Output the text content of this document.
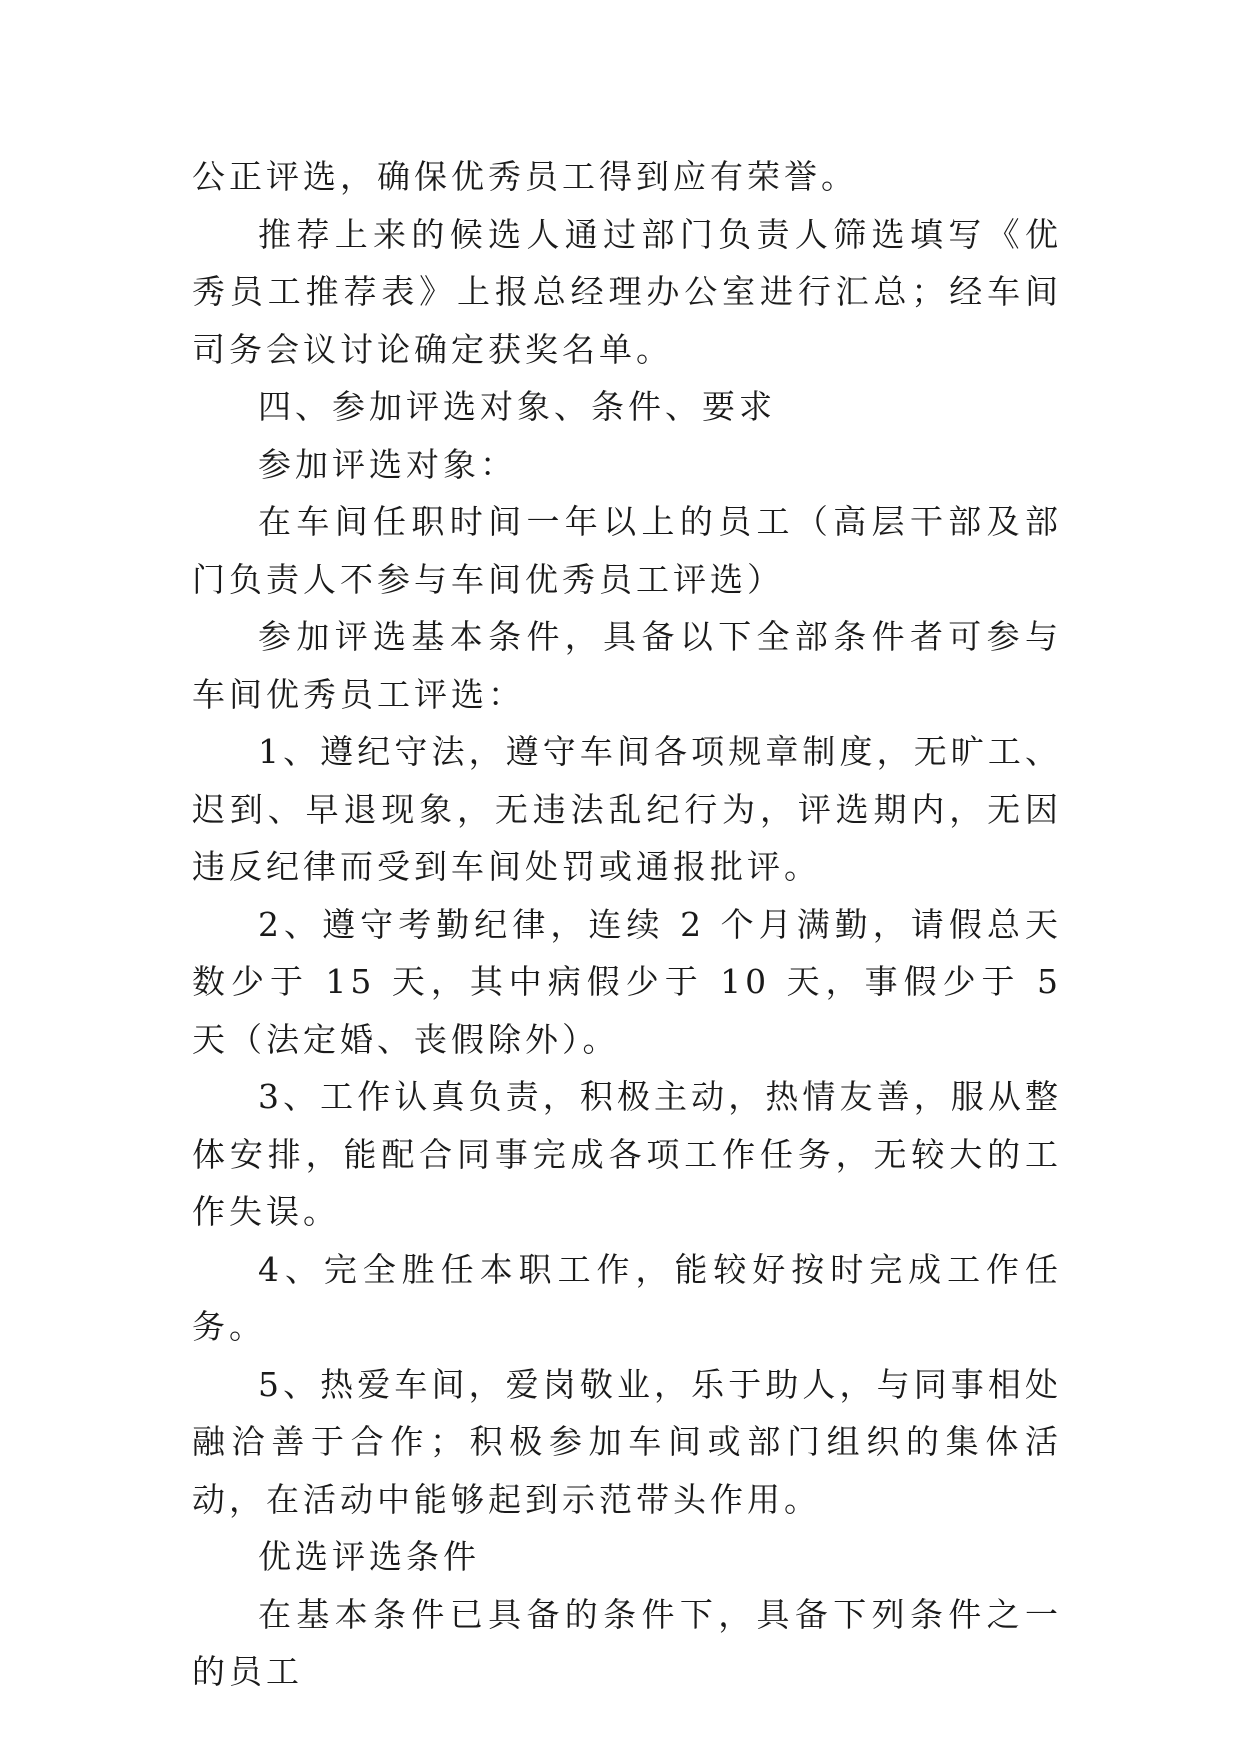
公正评选，确保优秀员工得到应有荣誉。

推荐上来的候选人通过部门负责人筛选填写《优秀员工推荐表》上报总经理办公室进行汇总；经车间司务会议讨论确定获奖名单。

四、参加评选对象、条件、要求

参加评选对象：

在车间任职时间一年以上的员工（高层干部及部门负责人不参与车间优秀员工评选）

参加评选基本条件，具备以下全部条件者可参与车间优秀员工评选：

1、遵纪守法，遵守车间各项规章制度，无旷工、迟到、早退现象，无违法乱纪行为，评选期内，无因违反纪律而受到车间处罚或通报批评。

2、遵守考勤纪律，连续 2 个月满勤，请假总天数少于 15 天，其中病假少于 10 天，事假少于 5 天（法定婚、丧假除外）。

3、工作认真负责，积极主动，热情友善，服从整体安排，能配合同事完成各项工作任务，无较大的工作失误。

4、完全胜任本职工作，能较好按时完成工作任务。

5、热爱车间，爱岗敬业，乐于助人，与同事相处融洽善于合作；积极参加车间或部门组织的集体活动，在活动中能够起到示范带头作用。

优选评选条件

在基本条件已具备的条件下，具备下列条件之一的员工
